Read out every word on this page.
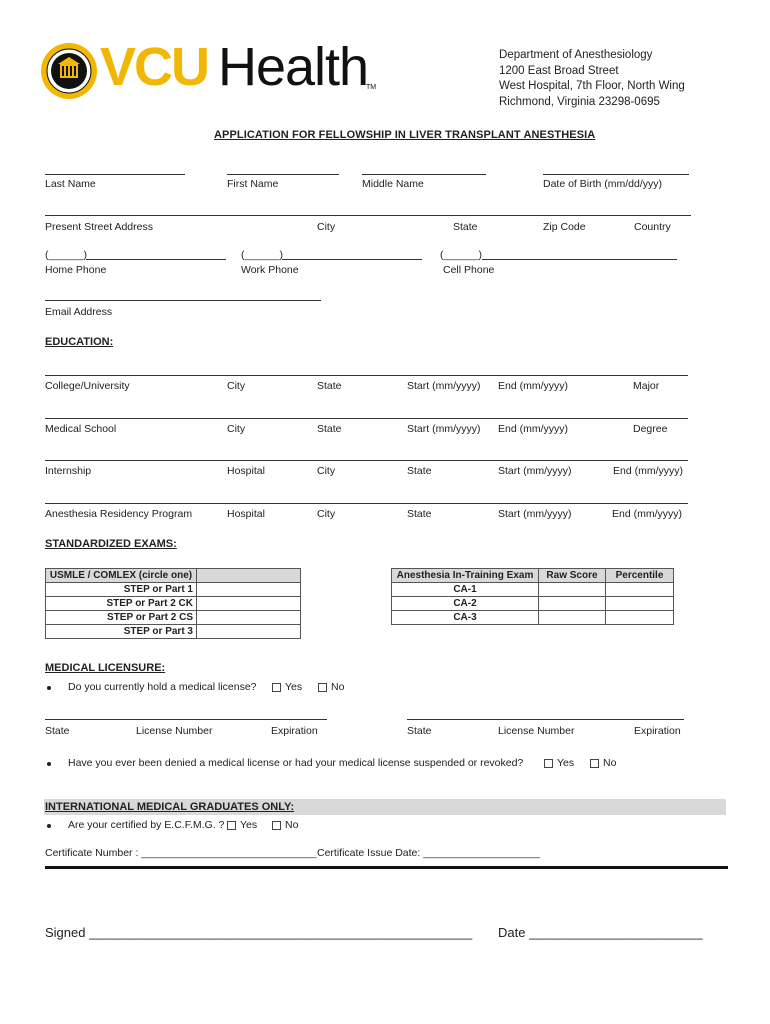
VCU Health
TM
Department of Anesthesiology
1200 East Broad Street
West Hospital, 7th Floor, North Wing
Richmond, Virginia 23298-0695
APPLICATION FOR FELLOWSHIP IN LIVER TRANSPLANT ANESTHESIA
Last Name	First Name	Middle Name	Date of Birth (mm/dd/yyy)
Present Street Address	City	State	Zip Code	Country
(______)	(______)	(______)
Home Phone	Work Phone	Cell Phone
Email Address
EDUCATION:
College/University	City	State	Start (mm/yyyy) End (mm/yyyy)	Major
Medical School	City	State	Start (mm/yyyy) End (mm/yyyy)	Degree
Internship	Hospital	City	State	Start (mm/yyyy)	End (mm/yyyy)
Anesthesia Residency Program	Hospital	City	State	Start (mm/yyyy)	End (mm/yyyy)
STANDARDIZED EXAMS:
USMLE / COMLEX (circle one)	
STEP or Part 1	
STEP or Part 2 CK	
STEP or Part 2 CS	
STEP or Part 3	
Anesthesia In-Training Exam	Raw Score	Percentile
CA-1		
CA-2		
CA-3		
MEDICAL LICENSURE:
Do you currently hold a medical license?	Yes	No
State	License Number	Expiration	State	License Number	Expiration
Have you ever been denied a medical license or had your medical license suspended or revoked?	Yes	No
INTERNATIONAL MEDICAL GRADUATES ONLY:
Are your certified by E.C.F.M.G. ?	Yes	No
Certificate Number : ______________________________ Certificate Issue Date: ____________________
Signed _____________________________________________________ Date ________________________
